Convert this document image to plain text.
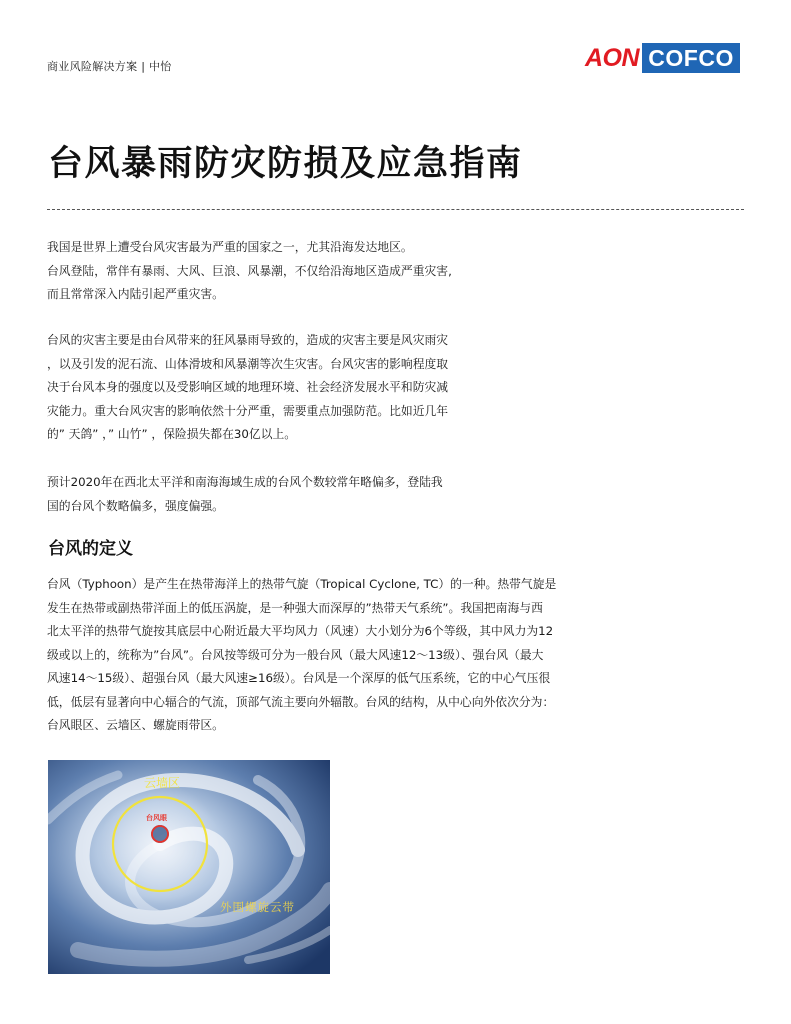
商业风险解决方案 | 中怡	AON COFCO
台风暴雨防灾防损及应急指南
我国是世界上遭受台风灾害最为严重的国家之一，尤其沿海发达地区。
台风登陆，常伴有暴雨、大风、巨浪、风暴潮，不仅给沿海地区造成严重灾害,
而且常常深入内陆引起严重灾害。
台风的灾害主要是由台风带来的狂风暴雨导致的，造成的灾害主要是风灾雨灾
，以及引发的泥石流、山体滑坡和风暴潮等次生灾害。台风灾害的影响程度取
决于台风本身的强度以及受影响区域的地理环境、社会经济发展水平和防灾减
灾能力。重大台风灾害的影响依然十分严重，需要重点加强防范。比如近几年
的” 天鸽” ，” 山竹” ，保险损失都在30亿以上。
预计2020年在西北太平洋和南海海域生成的台风个数较常年略偏多，登陆我
国的台风个数略偏多，强度偏强。
台风的定义
台风（Typhoon）是产生在热带海洋上的热带气旋（Tropical Cyclone, TC）的一种。热带气旋是
发生在热带或副热带洋面上的低压涡旋，是一种强大而深厚的”热带天气系统”。我国把南海与西
北太平洋的热带气旋按其底层中心附近最大平均风力（风速）大小划分为6个等级，其中风力为12
级或以上的，统称为”台风”。台风按等级可分为一般台风（最大风速12～13级）、强台风（最大
风速14～15级）、超强台风（最大风速≥16级）。台风是一个深厚的低气压系统，它的中心气压很
低，低层有显著向中心辐合的气流，顶部气流主要向外辐散。台风的结构，从中心向外依次分为：
台风眼区、云墙区、螺旋雨带区。
云墙区
台风眼
外围螺旋云带
